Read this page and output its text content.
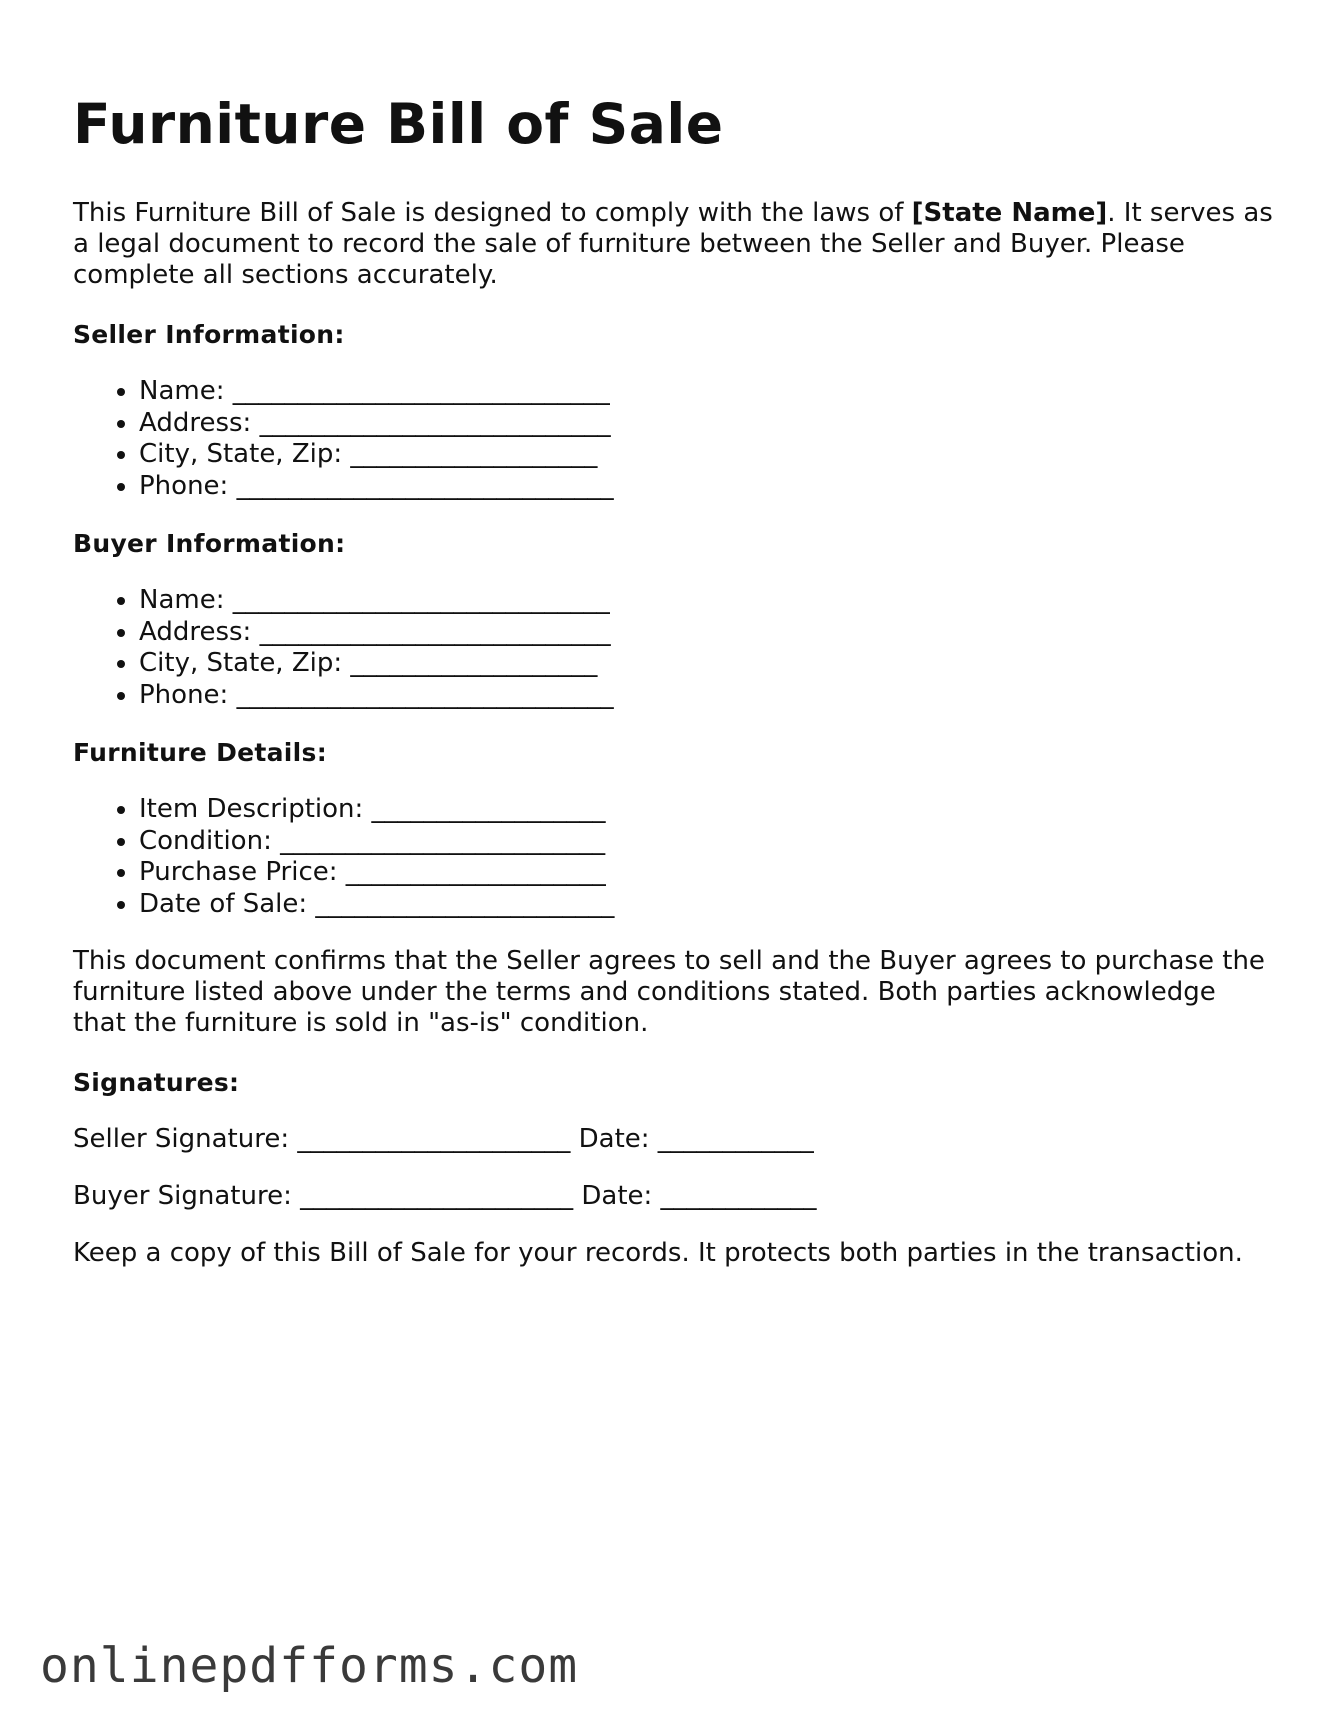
Furniture Bill of Sale

This Furniture Bill of Sale is designed to comply with the laws of [State Name]. It serves as a legal document to record the sale of furniture between the Seller and Buyer. Please complete all sections accurately.

Seller Information:
• Name: _____________________________
• Address: ___________________________
• City, State, Zip: ___________________
• Phone: _____________________________
Buyer Information:
• Name: _____________________________
• Address: ___________________________
• City, State, Zip: ___________________
• Phone: _____________________________
Furniture Details:
• Item Description: __________________
• Condition: _________________________
• Purchase Price: ____________________
• Date of Sale: _______________________

This document confirms that the Seller agrees to sell and the Buyer agrees to purchase the furniture listed above under the terms and conditions stated. Both parties acknowledge that the furniture is sold in "as-is" condition.

Signatures:

Seller Signature: _____________________ Date: ____________

Buyer Signature: _____________________ Date: ____________

Keep a copy of this Bill of Sale for your records. It protects both parties in the transaction.

onlinepdfforms.com
